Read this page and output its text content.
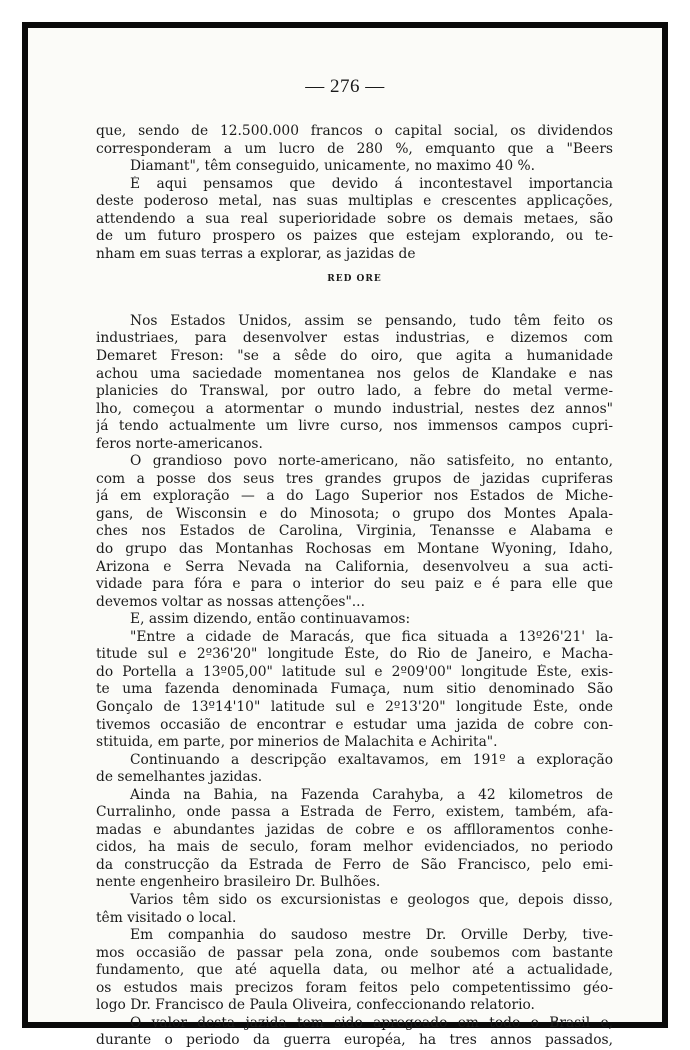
— 276 —
que, sendo de 12.500.000 francos o capital social, os dividendos
corresponderam a um lucro de 280 %, emquanto que a "Beers
Diamant", têm conseguido, unicamente, no maximo 40 %.
É aqui pensamos que devido á incontestavel importancia
deste poderoso metal, nas suas multiplas e crescentes applicações,
attendendo a sua real superioridade sobre os demais metaes, são
de um futuro prospero os paizes que estejam explorando, ou te-
nham em suas terras a explorar, as jazidas de
RED ORE
Nos Estados Unidos, assim se pensando, tudo têm feito os
industriaes, para desenvolver estas industrias, e dizemos com
Demaret Freson: "se a sêde do oiro, que agita a humanidade
achou uma saciedade momentanea nos gelos de Klandake e nas
planicies do Transwal, por outro lado, a febre do metal verme-
lho, começou a atormentar o mundo industrial, nestes dez annos"
já tendo actualmente um livre curso, nos immensos campos cupri-
feros norte-americanos.
O grandioso povo norte-americano, não satisfeito, no entanto,
com a posse dos seus tres grandes grupos de jazidas cupriferas
já em exploração — a do Lago Superior nos Estados de Miche-
gans, de Wisconsin e do Minosota; o grupo dos Montes Apala-
ches nos Estados de Carolina, Virginia, Tenansse e Alabama e
do grupo das Montanhas Rochosas em Montane Wyoning, Idaho,
Arizona e Serra Nevada na California, desenvolveu a sua acti-
vidade para fóra e para o interior do seu paiz e é para elle que
devemos voltar as nossas attenções"...
E, assim dizendo, então continuavamos:
"Entre a cidade de Maracás, que fica situada a 13º26'21' la-
titude sul e 2º36'20" longitude Éste, do Rio de Janeiro, e Macha-
do Portella a 13º05,00" latitude sul e 2º09'00" longitude Éste, exis-
te uma fazenda denominada Fumaça, num sitio denominado São
Gonçalo de 13º14'10" latitude sul e 2º13'20" longitude Éste, onde
tivemos occasião de encontrar e estudar uma jazida de cobre con-
stituida, em parte, por minerios de Malachita e Achirita".
Continuando a descripção exaltavamos, em 191º a exploração
de semelhantes jazidas.
Ainda na Bahia, na Fazenda Carahyba, a 42 kilometros de
Curralinho, onde passa a Estrada de Ferro, existem, também, afa-
madas e abundantes jazidas de cobre e os afflloramentos conhe-
cidos, ha mais de seculo, foram melhor evidenciados, no periodo
da construcção da Estrada de Ferro de São Francisco, pelo emi-
nente engenheiro brasileiro Dr. Bulhões.
Varios têm sido os excursionistas e geologos que, depois disso,
têm visitado o local.
Em companhia do saudoso mestre Dr. Orville Derby, tive-
mos occasião de passar pela zona, onde soubemos com bastante
fundamento, que até aquella data, ou melhor até a actualidade,
os estudos mais precizos foram feitos pelo competentissimo géo-
logo Dr. Francisco de Paula Oliveira, confeccionando relatorio.
O valor desta jazida tem sido apregoado em todo o Brasil e,
durante o periodo da guerra européa, ha tres annos passados,
